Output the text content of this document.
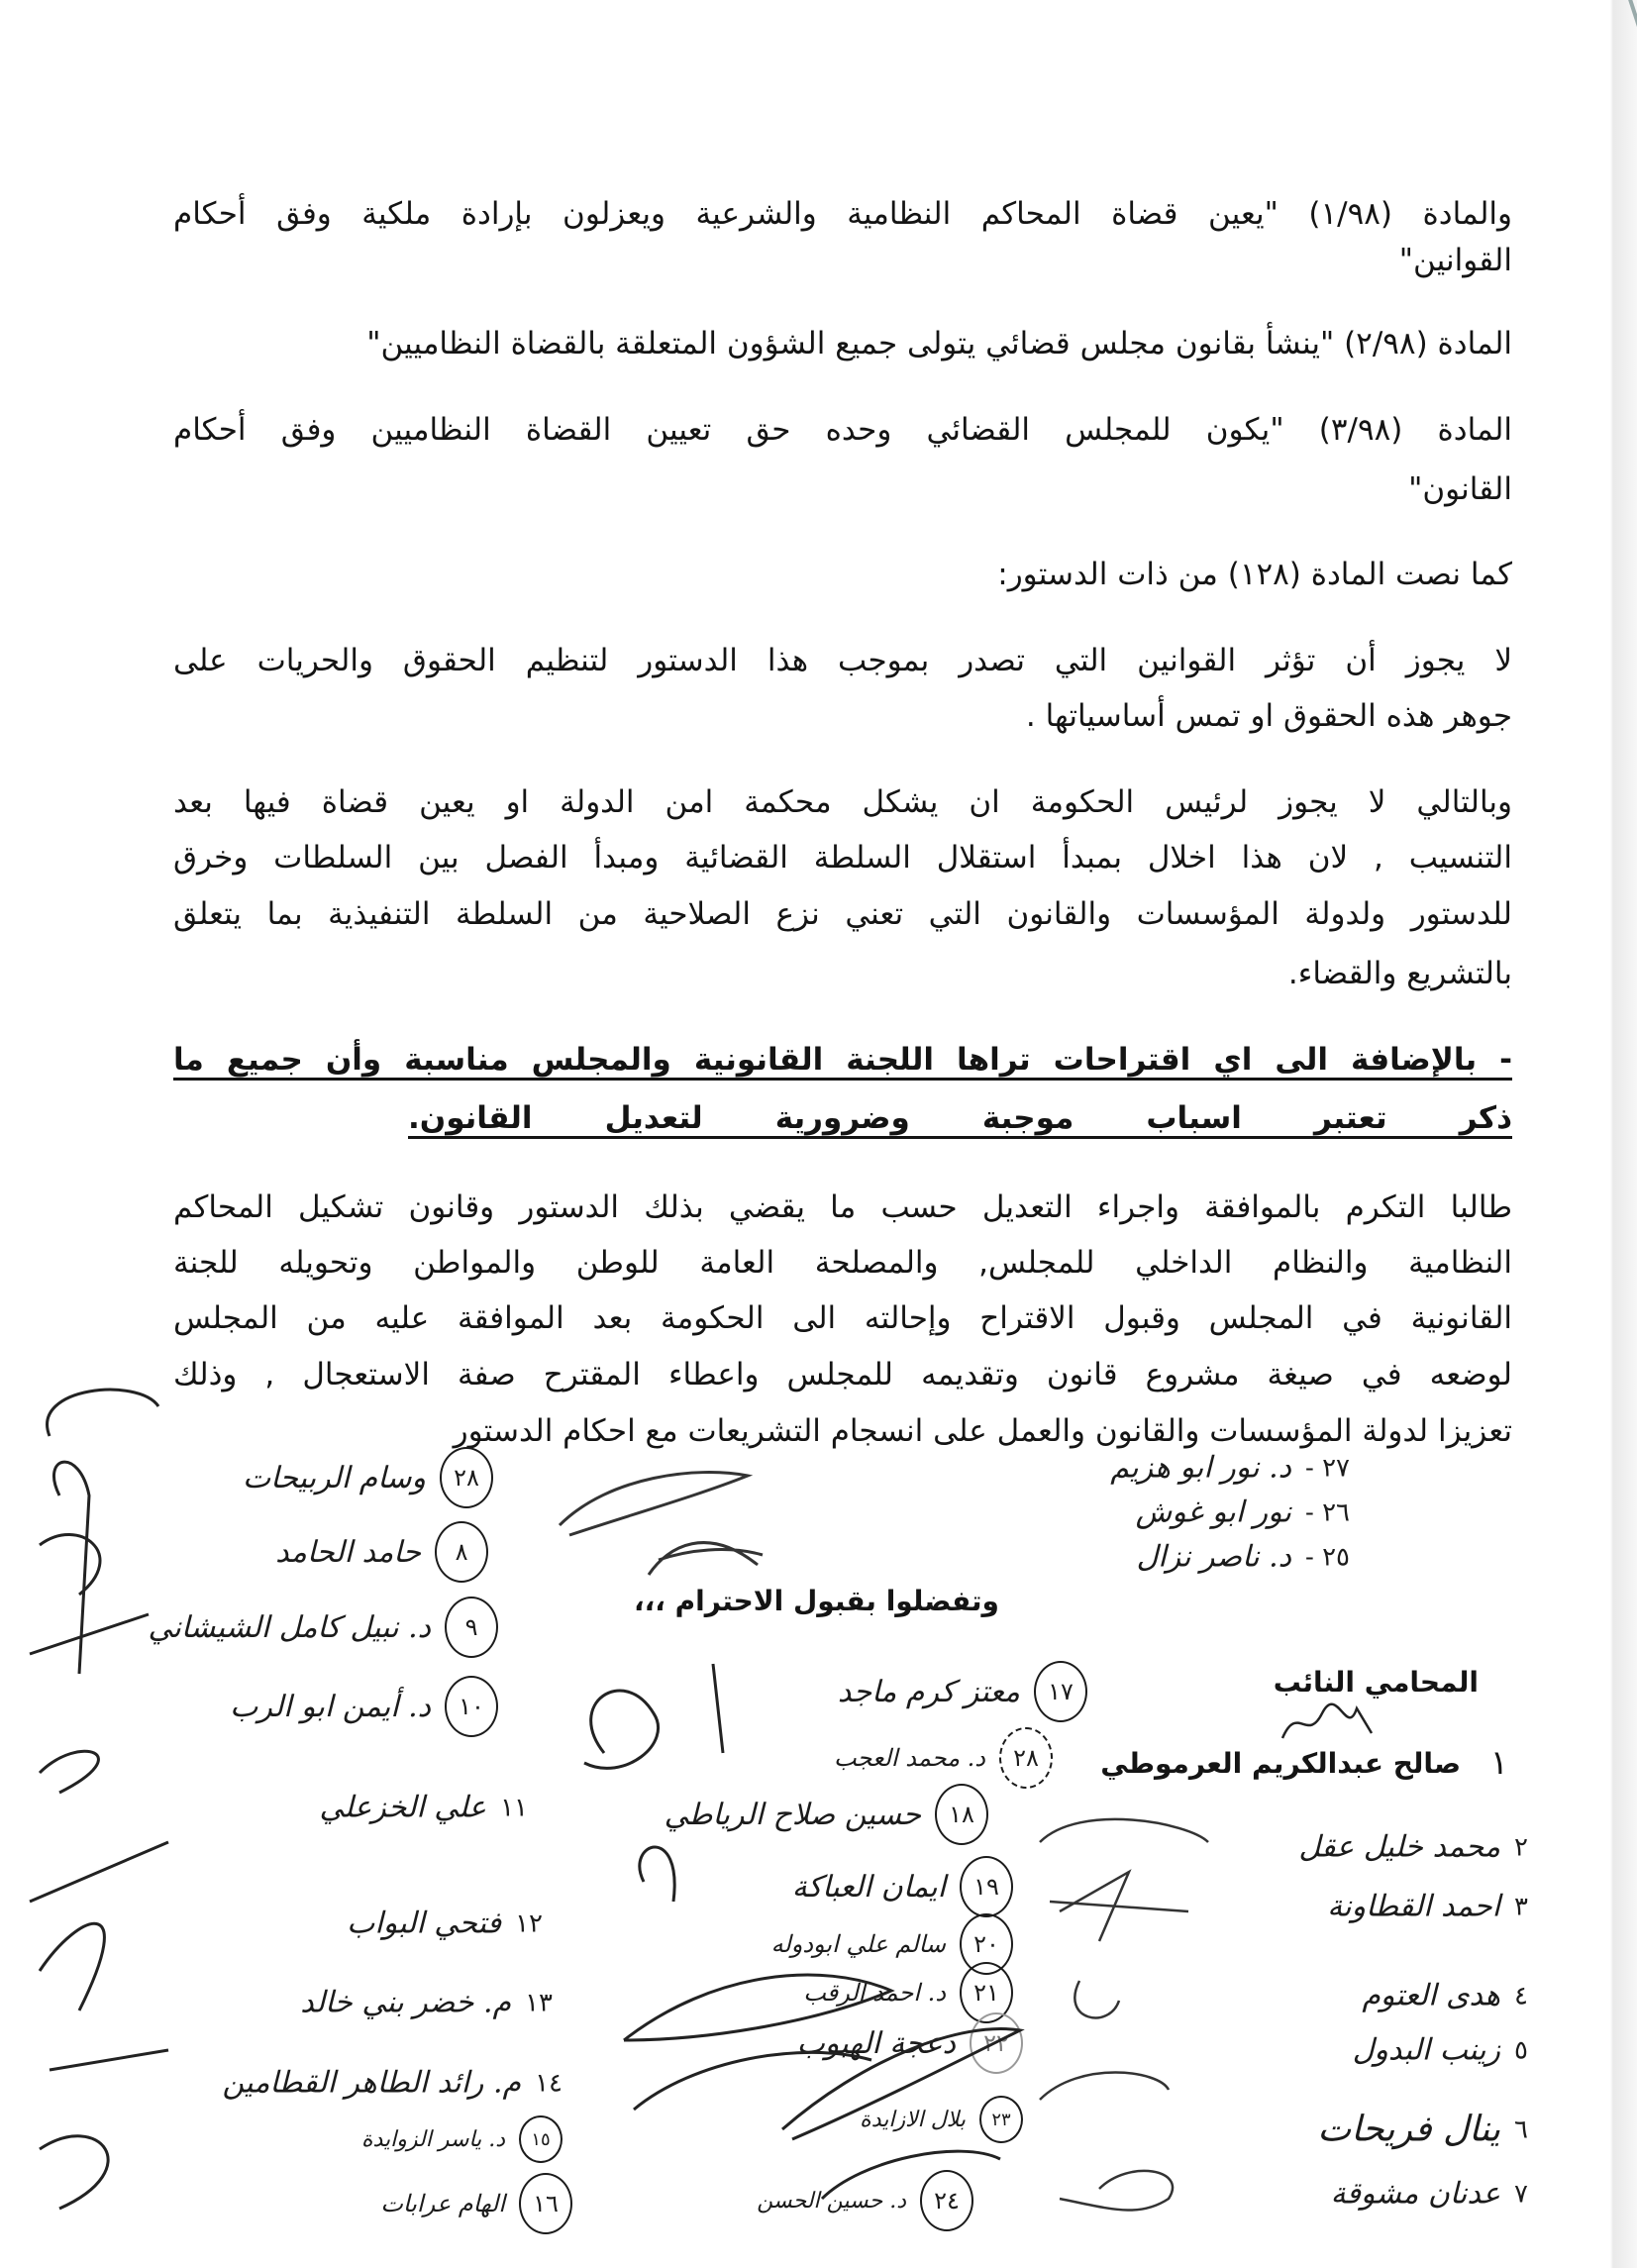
والمادة (١/٩٨) "يعين قضاة المحاكم النظامية والشرعية ويعزلون بإرادة ملكية وفق أحكام
القوانين"
المادة (٢/٩٨) "ينشأ بقانون مجلس قضائي يتولى جميع الشؤون المتعلقة بالقضاة النظاميين"
المادة (٣/٩٨) "يكون للمجلس القضائي وحده حق تعيين القضاة النظاميين وفق أحكام
القانون"
كما نصت المادة (١٢٨) من ذات الدستور:
لا يجوز أن تؤثر القوانين التي تصدر بموجب هذا الدستور لتنظيم الحقوق والحريات على
جوهر هذه الحقوق او تمس أساسياتها .
وبالتالي لا يجوز لرئيس الحكومة ان يشكل محكمة امن الدولة او يعين قضاة فيها بعد
التنسيب , لان هذا اخلال بمبدأ استقلال السلطة القضائية ومبدأ الفصل بين السلطات وخرق
للدستور ولدولة المؤسسات والقانون التي تعني نزع الصلاحية من السلطة التنفيذية بما يتعلق
بالتشريع والقضاء.
- بالإضافة الى اي اقتراحات تراها اللجنة القانونية والمجلس مناسبة وأن جميع ما
ذكر تعتبر اسباب موجبة وضرورية لتعديل القانون.
طالبا التكرم بالموافقة واجراء التعديل حسب ما يقضي بذلك الدستور وقانون تشكيل المحاكم
النظامية والنظام الداخلي للمجلس, والمصلحة العامة للوطن والمواطن وتحويله للجنة
القانونية في المجلس وقبول الاقتراح وإحالته الى الحكومة بعد الموافقة عليه من المجلس
لوضعه في صيغة مشروع قانون وتقديمه للمجلس واعطاء المقترح صفة الاستعجال , وذلك
تعزيزا لدولة المؤسسات والقانون والعمل على انسجام التشريعات مع احكام الدستور
وتفضلوا بقبول الاحترام ،،،
المحامي النائب
صالح عبدالكريم العرموطي ١
٢٧ -
د. نور ابو هزيم
٢٦ -
نور ابو غوش
٢٥ -
د. ناصر نزال
٢٨
وسام الربيحات
٨
حامد الحامد
٩
د. نبيل كامل الشيشاني
١٠
د. أيمن ابو الرب
١١
علي الخزعلي
١٢
فتحي البواب
١٣
م. خضر بني خالد
١٤
م. رائد الطاهر القطامين
١٥
د. ياسر الزوايدة
١٦
الهام عرابات
١٧
معتز كرم ماجد
٢٨
د. محمد العجب
١٨
حسين صلاح الرياطي
١٩
ايمان العباكة
٢٠
سالم علي ابودوله
٢١
د. احمد الرقب
٢٢
دعجة الهبوب
٢٣
بلال الازايدة
٢٤
د. حسين الحسن
٢
محمد خليل عقل
٣
احمد القطاونة
٤
هدى العتوم
٥
زينب البدول
٦
ينال فريحات
٧
عدنان مشوقة
